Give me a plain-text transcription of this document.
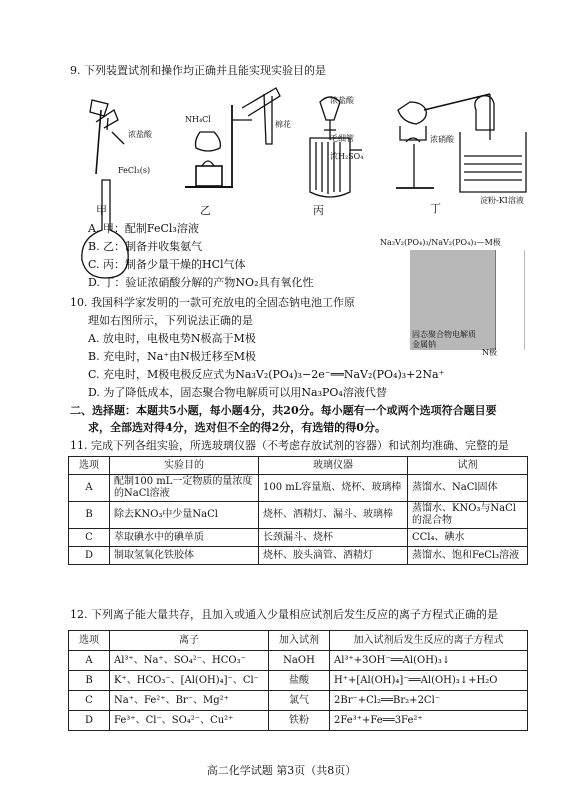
9. 下列装置试剂和操作均正确并且能实现实验目的是
浓盐酸
FeCl₃(s)
NH₄Cl
棉花
浓盐酸
毛细管
浓H₂SO₄
浓硝酸
淀粉-KI溶液
甲	乙	丙	丁
A. 甲：配制FeCl₃溶液
B. 乙：制备并收集氨气
C. 丙：制备少量干燥的HCl气体
D. 丁：验证浓硝酸分解的产物NO₂具有氧化性
Na₃V₂(PO₄)₃/NaV₂(PO₄)₃—M极
固态聚合物电解质
金属钠
N极
10. 我国科学家发明的一款可充放电的全固态钠电池工作原
理如右图所示，下列说法正确的是
A. 放电时，电极电势N极高于M极
B. 充电时，Na⁺由N极迁移至M极
C. 充电时，M极电极反应式为Na₃V₂(PO₄)₃−2e⁻══NaV₂(PO₄)₃+2Na⁺
D. 为了降低成本，固态聚合物电解质可以用Na₃PO₄溶液代替
二、选择题：本题共5小题，每小题4分，共20分。每小题有一个或两个选项符合题目要
求，全部选对得4分，选对但不全的得2分，有选错的得0分。
11. 完成下列各组实验，所选玻璃仪器（不考虑存放试剂的容器）和试剂均准确、完整的是
选项	实验目的	玻璃仪器	试剂
A	配制100 mL一定物质的量浓度的NaCl溶液	100 mL容量瓶、烧杯、玻璃棒	蒸馏水、NaCl固体
B	除去KNO₃中少量NaCl	烧杯、酒精灯、漏斗、玻璃棒	蒸馏水、KNO₃与NaCl的混合物
C	萃取碘水中的碘单质	长颈漏斗、烧杯	CCl₄、碘水
D	制取氢氧化铁胶体	烧杯、胶头滴管、酒精灯	蒸馏水、饱和FeCl₃溶液
12. 下列离子能大量共存，且加入或通入少量相应试剂后发生反应的离子方程式正确的是
选项	离子	加入试剂	加入试剂后发生反应的离子方程式
A	Al³⁺、Na⁺、SO₄²⁻、HCO₃⁻	NaOH	Al³⁺+3OH⁻══Al(OH)₃↓
B	K⁺、HCO₃⁻、[Al(OH)₄]⁻、Cl⁻	盐酸	H⁺+[Al(OH)₄]⁻══Al(OH)₃↓+H₂O
C	Na⁺、Fe²⁺、Br⁻、Mg²⁺	氯气	2Br⁻+Cl₂══Br₂+2Cl⁻
D	Fe³⁺、Cl⁻、SO₄²⁻、Cu²⁺	铁粉	2Fe³⁺+Fe══3Fe²⁺
高二化学试题 第3页（共8页）
